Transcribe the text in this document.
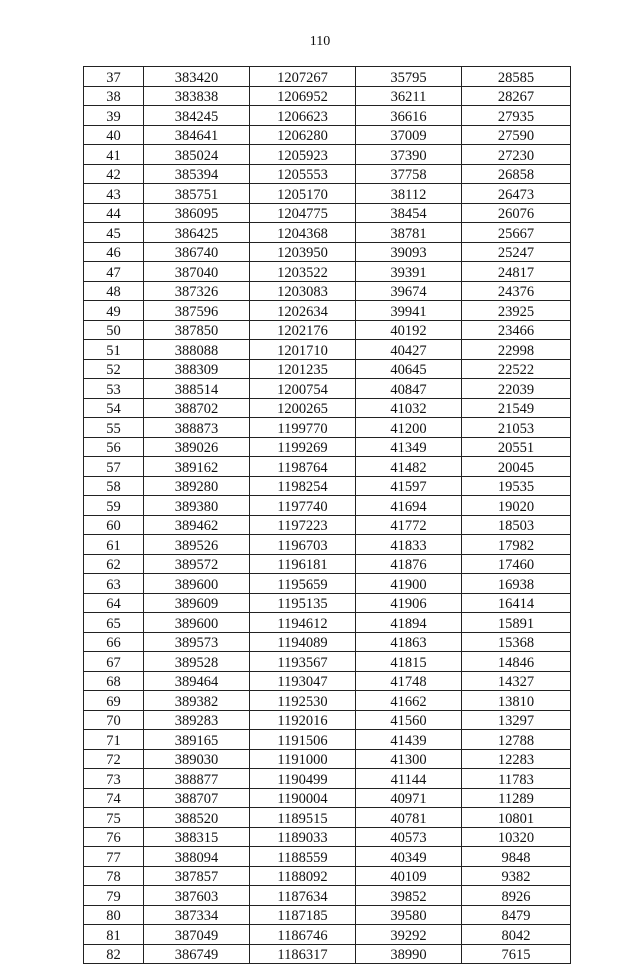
110
37	383420	1207267	35795	28585
38	383838	1206952	36211	28267
39	384245	1206623	36616	27935
40	384641	1206280	37009	27590
41	385024	1205923	37390	27230
42	385394	1205553	37758	26858
43	385751	1205170	38112	26473
44	386095	1204775	38454	26076
45	386425	1204368	38781	25667
46	386740	1203950	39093	25247
47	387040	1203522	39391	24817
48	387326	1203083	39674	24376
49	387596	1202634	39941	23925
50	387850	1202176	40192	23466
51	388088	1201710	40427	22998
52	388309	1201235	40645	22522
53	388514	1200754	40847	22039
54	388702	1200265	41032	21549
55	388873	1199770	41200	21053
56	389026	1199269	41349	20551
57	389162	1198764	41482	20045
58	389280	1198254	41597	19535
59	389380	1197740	41694	19020
60	389462	1197223	41772	18503
61	389526	1196703	41833	17982
62	389572	1196181	41876	17460
63	389600	1195659	41900	16938
64	389609	1195135	41906	16414
65	389600	1194612	41894	15891
66	389573	1194089	41863	15368
67	389528	1193567	41815	14846
68	389464	1193047	41748	14327
69	389382	1192530	41662	13810
70	389283	1192016	41560	13297
71	389165	1191506	41439	12788
72	389030	1191000	41300	12283
73	388877	1190499	41144	11783
74	388707	1190004	40971	11289
75	388520	1189515	40781	10801
76	388315	1189033	40573	10320
77	388094	1188559	40349	9848
78	387857	1188092	40109	9382
79	387603	1187634	39852	8926
80	387334	1187185	39580	8479
81	387049	1186746	39292	8042
82	386749	1186317	38990	7615
